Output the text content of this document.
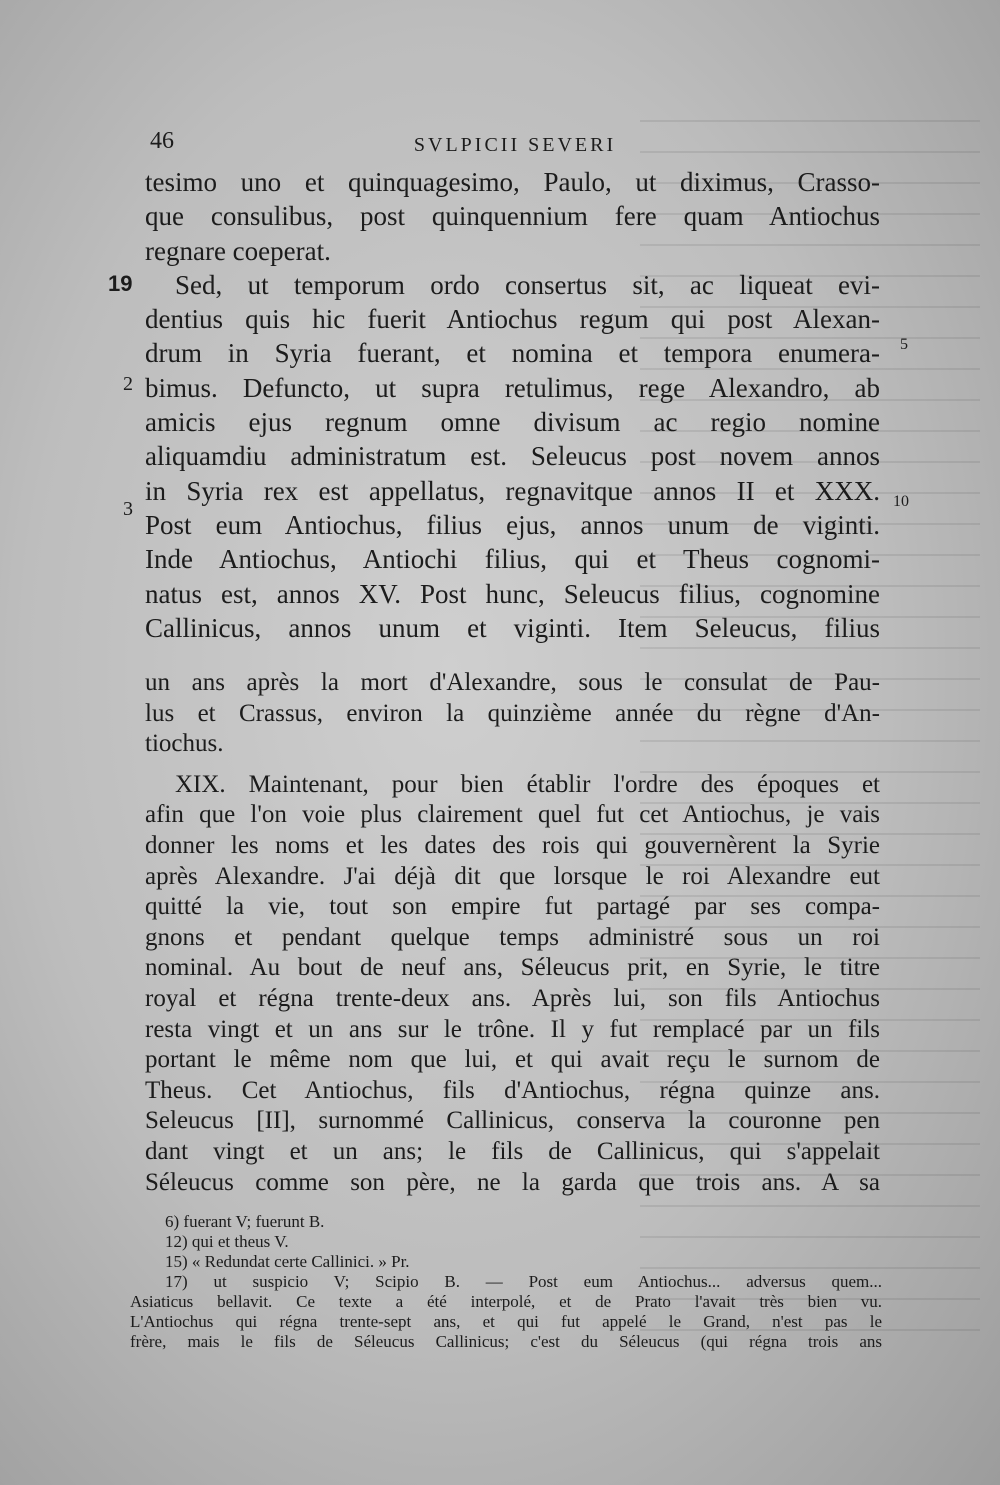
46	SVLPICII SEVERI
tesimo uno et quinquagesimo, Paulo, ut diximus, Crasso-
que consulibus, post quinquennium fere quam Antiochus
regnare coeperat.
Sed, ut temporum ordo consertus sit, ac liqueat evi-
dentius quis hic fuerit Antiochus regum qui post Alexan-
drum in Syria fuerant, et nomina et tempora enumera-
bimus. Defuncto, ut supra retulimus, rege Alexandro, ab
amicis ejus regnum omne divisum ac regio nomine
aliquamdiu administratum est. Seleucus post novem annos
in Syria rex est appellatus, regnavitque annos II et XXX.
Post eum Antiochus, filius ejus, annos unum de viginti.
Inde Antiochus, Antiochi filius, qui et Theus cognomi-
natus est, annos XV. Post hunc, Seleucus filius, cognomine
Callinicus, annos unum et viginti. Item Seleucus, filius
19
2
3
5
10
un ans après la mort d'Alexandre, sous le consulat de Pau-
lus et Crassus, environ la quinzième année du règne d'An-
tiochus.
XIX. Maintenant, pour bien établir l'ordre des époques et
afin que l'on voie plus clairement quel fut cet Antiochus, je vais
donner les noms et les dates des rois qui gouvernèrent la Syrie
après Alexandre. J'ai déjà dit que lorsque le roi Alexandre eut
quitté la vie, tout son empire fut partagé par ses compa-
gnons et pendant quelque temps administré sous un roi
nominal. Au bout de neuf ans, Séleucus prit, en Syrie, le titre
royal et régna trente-deux ans. Après lui, son fils Antiochus
resta vingt et un ans sur le trône. Il y fut remplacé par un fils
portant le même nom que lui, et qui avait reçu le surnom de
Theus. Cet Antiochus, fils d'Antiochus, régna quinze ans.
Seleucus [II], surnommé Callinicus, conserva la couronne pen
dant vingt et un ans; le fils de Callinicus, qui s'appelait
Séleucus comme son père, ne la garda que trois ans. A sa
6) fuerant V; fuerunt B.
12) qui et theus V.
15) « Redundat certe Callinici. » Pr.
17) ut suspicio V; Scipio B. — Post eum Antiochus... adversus quem...
Asiaticus bellavit. Ce texte a été interpolé, et de Prato l'avait très bien vu.
L'Antiochus qui régna trente-sept ans, et qui fut appelé le Grand, n'est pas le
frère, mais le fils de Séleucus Callinicus; c'est du Séleucus (qui régna trois ans
